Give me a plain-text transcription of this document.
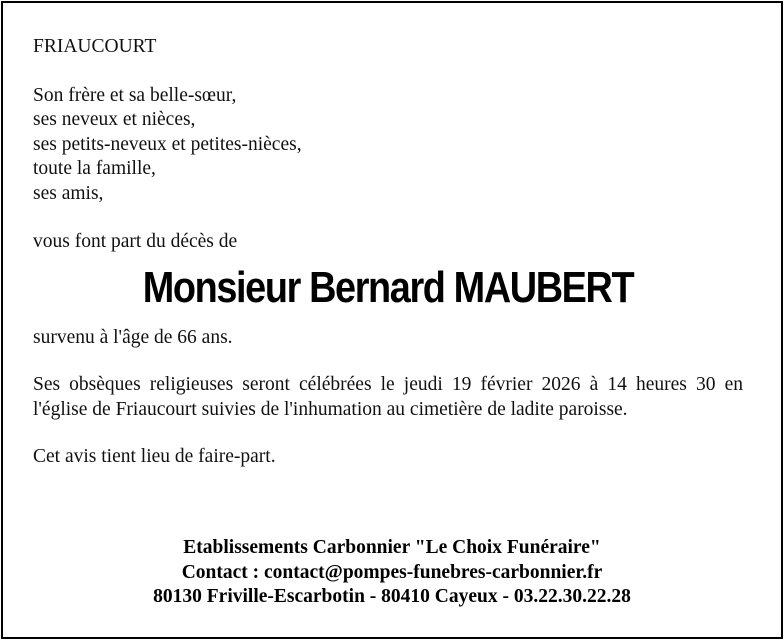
FRIAUCOURT
Son frère et sa belle-sœur,
ses neveux et nièces,
ses petits-neveux et petites-nièces,
toute la famille,
ses amis,
vous font part du décès de
Monsieur Bernard MAUBERT
survenu à l'âge de 66 ans.
Ses obsèques religieuses seront célébrées le jeudi 19 février 2026 à 14 heures 30 en l'église de Friaucourt suivies de l'inhumation au cimetière de ladite paroisse.
Cet avis tient lieu de faire-part.
Etablissements Carbonnier "Le Choix Funéraire"
Contact : contact@pompes-funebres-carbonnier.fr
80130 Friville-Escarbotin - 80410 Cayeux - 03.22.30.22.28
